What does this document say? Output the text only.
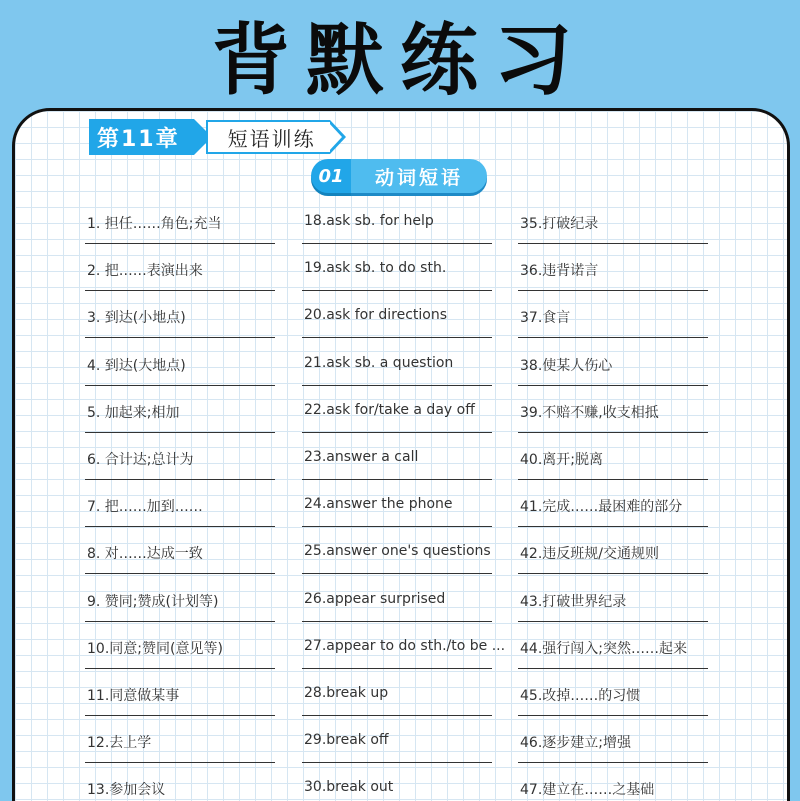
背默练习
第11章	短语训练
01	动词短语
1. 担任……角色;充当
2. 把……表演出来
3. 到达(小地点)
4. 到达(大地点)
5. 加起来;相加
6. 合计达;总计为
7. 把……加到……
8. 对……达成一致
9. 赞同;赞成(计划等)
10.同意;赞同(意见等)
11.同意做某事
12.去上学
13.参加会议
18.ask sb. for help
19.ask sb. to do sth.
20.ask for directions
21.ask sb. a question
22.ask for/take a day off
23.answer a call
24.answer the phone
25.answer one's questions
26.appear surprised
27.appear to do sth./to be ...
28.break up
29.break off
30.break out
35.打破纪录
36.违背诺言
37.食言
38.使某人伤心
39.不赔不赚,收支相抵
40.离开;脱离
41.完成……最困难的部分
42.违反班规/交通规则
43.打破世界纪录
44.强行闯入;突然……起来
45.改掉……的习惯
46.逐步建立;增强
47.建立在……之基础
